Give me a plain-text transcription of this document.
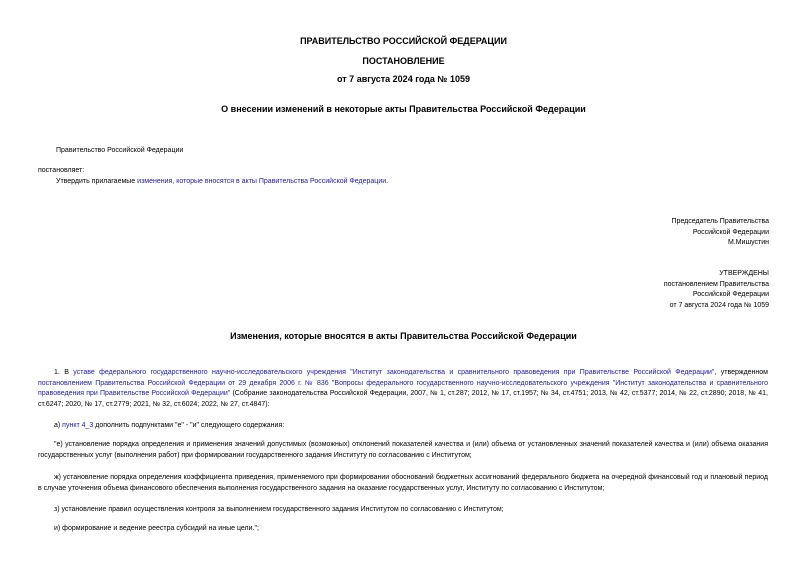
ПРАВИТЕЛЬСТВО РОССИЙСКОЙ ФЕДЕРАЦИИ
ПОСТАНОВЛЕНИЕ
от 7 августа 2024 года № 1059
О внесении изменений в некоторые акты Правительства Российской Федерации
Правительство Российской Федерации
постановляет:
Утвердить прилагаемые изменения, которые вносятся в акты Правительства Российской Федерации.
Председатель Правительства
Российской Федерации
М.Мишустин
УТВЕРЖДЕНЫ
постановлением Правительства
Российской Федерации
от 7 августа 2024 года № 1059
Изменения, которые вносятся в акты Правительства Российской Федерации
1. В уставе федерального государственного научно-исследовательского учреждения "Институт законодательства и сравнительного правоведения при Правительстве Российской Федерации", утвержденном постановлением Правительства Российской Федерации от 29 декабря 2006 г. № 836 "Вопросы федерального государственного научно-исследовательского учреждения "Институт законодательства и сравнительного правоведения при Правительстве Российской Федерации" (Собрание законодательства Российской Федерации, 2007, № 1, ст.287; 2012, № 17, ст.1957; № 34, ст.4751; 2013, № 42, ст.5377; 2014, № 22, ст.2890; 2018, № 41, ст.6247; 2020, № 17, ст.2779; 2021, № 32, ст.6024; 2022, № 27, ст.4847):
а) пункт 4_3 дополнить подпунктами "е" - "и" следующего содержания:
"е) установление порядка определения и применения значений допустимых (возможных) отклонений показателей качества и (или) объема от установленных значений показателей качества и (или) объема оказания государственных услуг (выполнения работ) при формировании государственного задания Институту по согласованию с Институтом;
ж) установление порядка определения коэффициента приведения, применяемого при формировании обоснований бюджетных ассигнований федерального бюджета на очередной финансовый год и плановый период в случае уточнения объема финансового обеспечения выполнения государственного задания на оказание государственных услуг, Институту по согласованию с Институтом;
з) установление правил осуществления контроля за выполнением государственного задания Институтом по согласованию с Институтом;
и) формирование и ведение реестра субсидий на иные цели.";
